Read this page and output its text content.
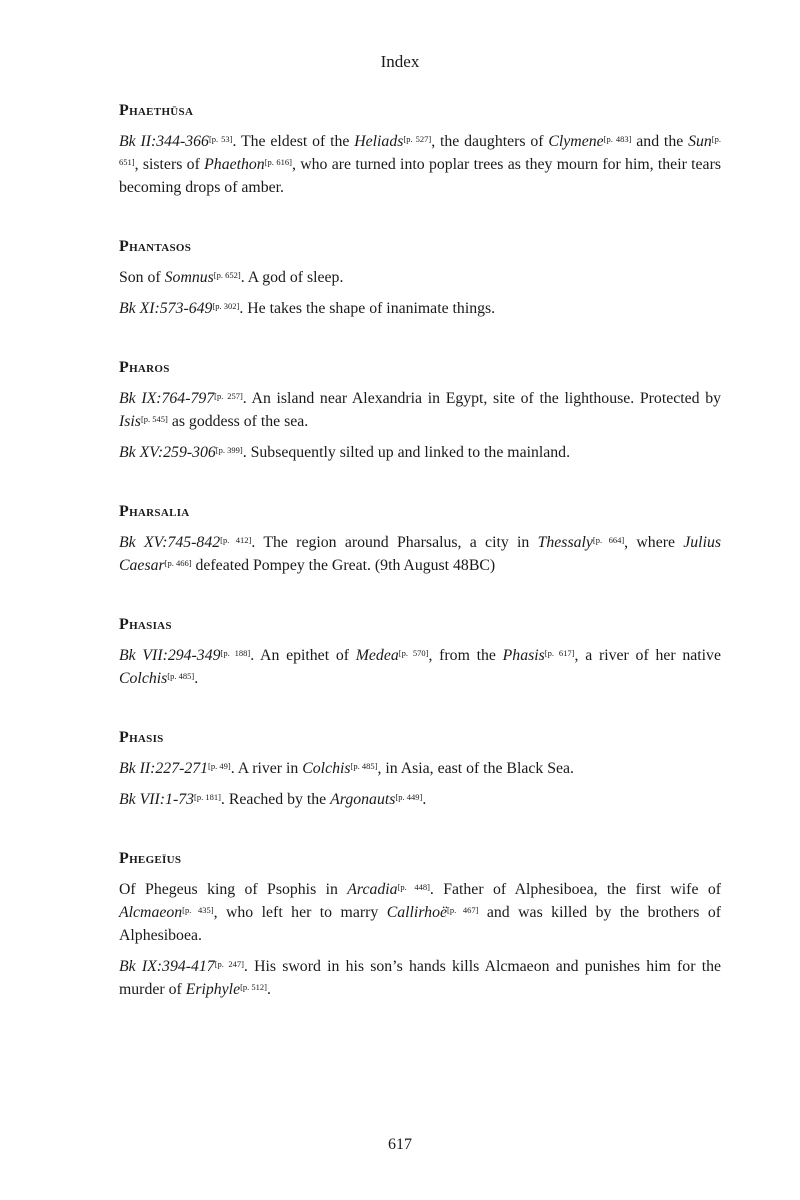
Index
Phaethūsa
Bk II:344-366[p. 53]. The eldest of the Heliads[p. 527], the daughters of Clymene[p. 483] and the Sun[p. 651], sisters of Phaethon[p. 616], who are turned into poplar trees as they mourn for him, their tears becoming drops of amber.
Phantasos
Son of Somnus[p. 652]. A god of sleep.
Bk XI:573-649[p. 302]. He takes the shape of inanimate things.
Pharos
Bk IX:764-797[p. 257]. An island near Alexandria in Egypt, site of the lighthouse. Protected by Isis[p. 545] as goddess of the sea.
Bk XV:259-306[p. 399]. Subsequently silted up and linked to the mainland.
Pharsalia
Bk XV:745-842[p. 412]. The region around Pharsalus, a city in Thessaly[p. 664], where Julius Caesar[p. 466] defeated Pompey the Great. (9th August 48BC)
Phasias
Bk VII:294-349[p. 188]. An epithet of Medea[p. 570], from the Phasis[p. 617], a river of her native Colchis[p. 485].
Phasis
Bk II:227-271[p. 49]. A river in Colchis[p. 485], in Asia, east of the Black Sea.
Bk VII:1-73[p. 181]. Reached by the Argonauts[p. 449].
Phegeïus
Of Phegeus king of Psophis in Arcadia[p. 448]. Father of Alphesiboea, the first wife of Alcmaeon[p. 435], who left her to marry Callirhoë[p. 467] and was killed by the brothers of Alphesiboea.
Bk IX:394-417[p. 247]. His sword in his son’s hands kills Alcmaeon and punishes him for the murder of Eriphyle[p. 512].
617
